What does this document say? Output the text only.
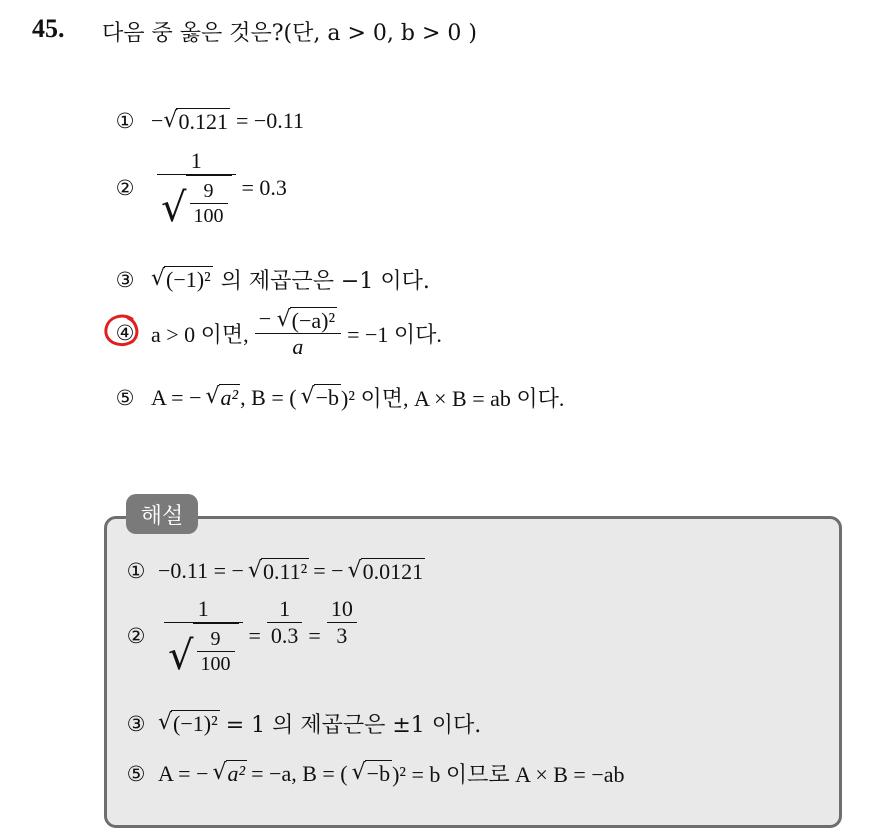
45. 다음 중 옳은 것은?(단, a > 0, b > 0 )
① − √ 0.121 = −0.11
②
1
√ $\frac{9}{100} = 0.3$
③ √ (−1)² 의 제곱근은 −1 이다.
④ a > 0 이면, $\frac{\text{− √ (−a)²}}{a} = -1$ 이다.
⑤ A = − √ a² , B = ( √ −b )² 이면, A × B = ab 이다.
해설
① −0.11 = − √ 0.11² = − √ 0.0121
②
1
√ $\frac{9}{100} = \frac{1}{0.3} = \frac{10}{3}$
③ √ (−1)² = 1 의 제곱근은 ±1 이다.
⑤ A = − √ a² = −a, B = ( √ −b )² = b 이므로 A × B = −ab
